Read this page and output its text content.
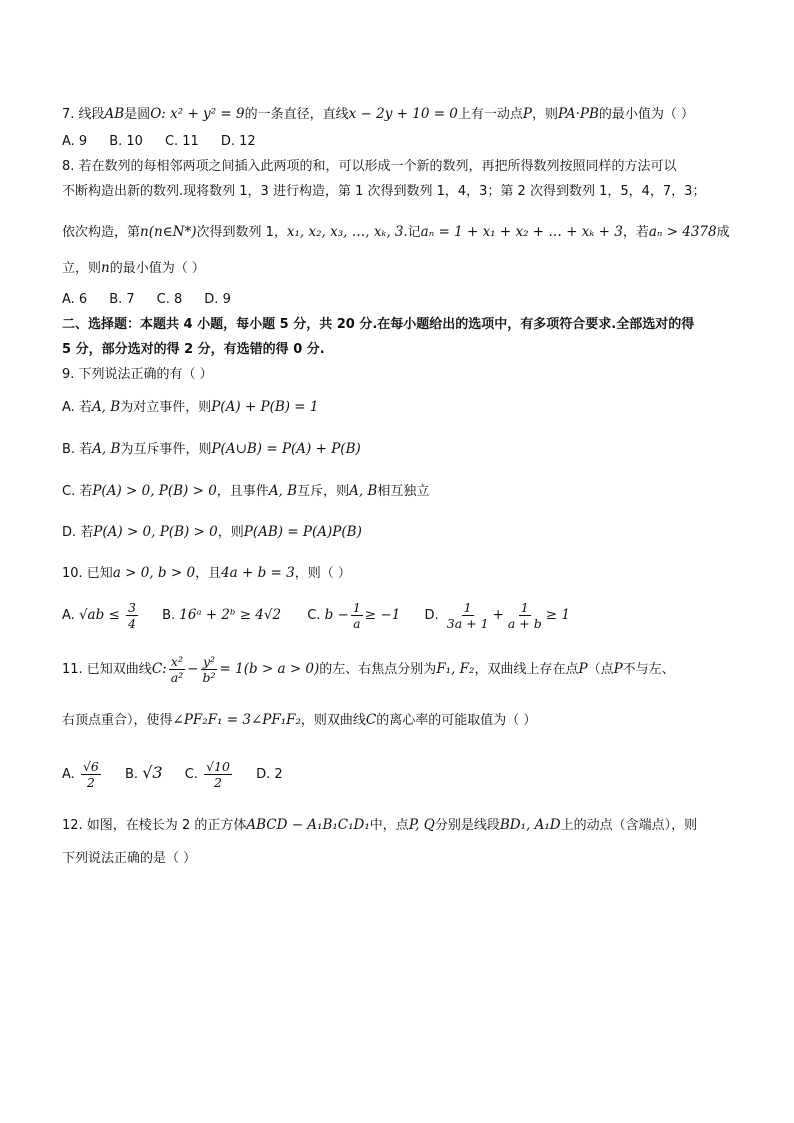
7. 线段AB是圆O: x² + y² = 9的一条直径，直线x − 2y + 10 = 0上有一动点P，则PA·PB的最小值为（ ）
A. 9 B. 10 C. 11 D. 12
8. 若在数列的每相邻两项之间插入此两项的和，可以形成一个新的数列，再把所得数列按照同样的方法可以
不断构造出新的数列.现将数列 1，3 进行构造，第 1 次得到数列 1，4，3；第 2 次得到数列 1，5，4，7，3；
依次构造，第n(n∈N*)次得到数列 1，x₁, x₂, x₃, …, xₖ, 3.记aₙ = 1 + x₁ + x₂ + … + xₖ + 3，若aₙ > 4378成
立，则n的最小值为（ ）
A. 6 B. 7 C. 8 D. 9
二、选择题：本题共 4 小题，每小题 5 分，共 20 分.在每小题给出的选项中，有多项符合要求.全部选对的得
5 分，部分选对的得 2 分，有选错的得 0 分.
9. 下列说法正确的有（ ）
A. 若A, B为对立事件，则P(A) + P(B) = 1
B. 若A, B为互斥事件，则P(A∪B) = P(A) + P(B)
C. 若P(A) > 0, P(B) > 0，且事件A, B互斥，则A, B相互独立
D. 若P(A) > 0, P(B) > 0，则P(AB) = P(A)P(B)
10. 已知a > 0, b > 0，且4a + b = 3，则（ ）
A. $√ab \le \frac{3}{4} B$. 16ᵃ + 2ᵇ ≥ 4√2 C. $b - \frac{1}{a} \ge -1$ D. $\frac{1}{3a + 1} + \frac{1}{a + b} \ge 1$
11. 已知双曲线C: $\frac{\text{x²}}{\text{a²}} - \frac{\text{y²}}{\text{b²}} = 1(b > a > 0)$的左、右焦点分别为F₁, F₂，双曲线上存在点P（点P不与左、
右顶点重合），使得∠PF₂F₁ = 3∠PF₁F₂，则双曲线C的离心率的可能取值为（ ）
A. $\frac{√6}{2} B$. √3 C. $\frac{√10}{2} D$. 2
12. 如图，在棱长为 2 的正方体ABCD − A₁B₁C₁D₁中，点P, Q分别是线段BD₁, A₁D上的动点（含端点），则
下列说法正确的是（ ）
